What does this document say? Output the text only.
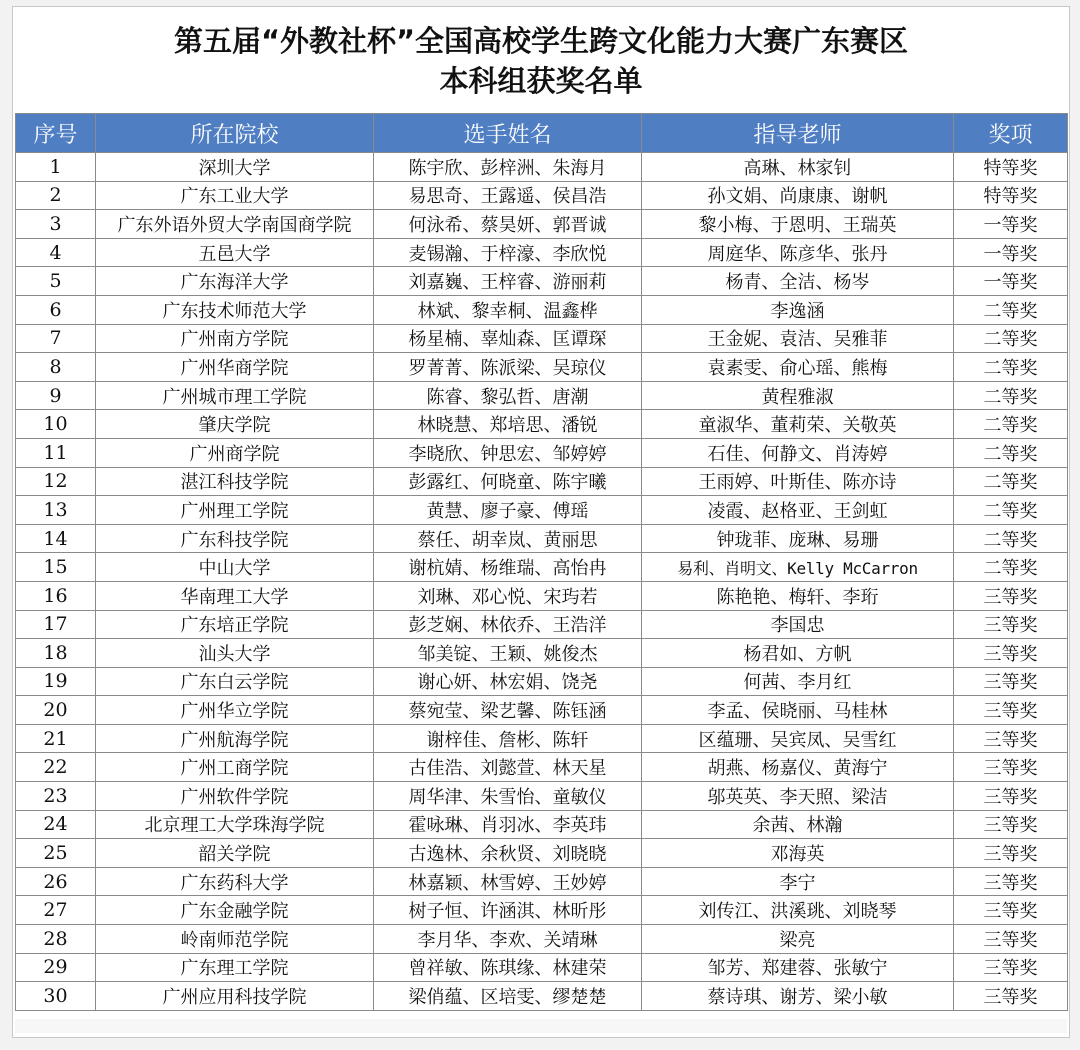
第五届“外教社杯”全国高校学生跨文化能力大赛广东赛区
本科组获奖名单
序号	所在院校	选手姓名	指导老师	奖项
1	深圳大学	陈宇欣、彭梓洲、朱海月	高琳、林家钊	特等奖
2	广东工业大学	易思奇、王露遥、侯昌浩	孙文娟、尚康康、谢帆	特等奖
3	广东外语外贸大学南国商学院	何泳希、蔡昊妍、郭晋诚	黎小梅、于恩明、王瑞英	一等奖
4	五邑大学	麦锡瀚、于梓濠、李欣悦	周庭华、陈彦华、张丹	一等奖
5	广东海洋大学	刘嘉巍、王梓睿、游丽莉	杨青、全洁、杨岑	一等奖
6	广东技术师范大学	林斌、黎幸桐、温鑫桦	李逸涵	二等奖
7	广州南方学院	杨星楠、辜灿森、匡谭琛	王金妮、袁洁、吴雅菲	二等奖
8	广州华商学院	罗菁菁、陈派梁、吴琼仪	袁素雯、俞心瑶、熊梅	二等奖
9	广州城市理工学院	陈睿、黎弘哲、唐潮	黄程雅淑	二等奖
10	肇庆学院	林晓慧、郑培思、潘锐	童淑华、董莉荣、关敬英	二等奖
11	广州商学院	李晓欣、钟思宏、邹婷婷	石佳、何静文、肖涛婷	二等奖
12	湛江科技学院	彭露红、何晓童、陈宇曦	王雨婷、叶斯佳、陈亦诗	二等奖
13	广州理工学院	黄慧、廖子豪、傅瑶	凌霞、赵格亚、王剑虹	二等奖
14	广东科技学院	蔡任、胡幸岚、黄丽思	钟珑菲、庞琳、易珊	二等奖
15	中山大学	谢杭婧、杨维瑞、高怡冉	易利、肖明文、Kelly McCarron	二等奖
16	华南理工大学	刘琳、邓心悦、宋玙若	陈艳艳、梅轩、李珩	三等奖
17	广东培正学院	彭芝娴、林依乔、王浩洋	李国忠	三等奖
18	汕头大学	邹美锭、王颖、姚俊杰	杨君如、方帆	三等奖
19	广东白云学院	谢心妍、林宏娟、饶尧	何茜、李月红	三等奖
20	广州华立学院	蔡宛莹、梁艺馨、陈钰涵	李孟、侯晓丽、马桂林	三等奖
21	广州航海学院	谢梓佳、詹彬、陈轩	区蕴珊、吴宾凤、吴雪红	三等奖
22	广州工商学院	古佳浩、刘懿萱、林天星	胡燕、杨嘉仪、黄海宁	三等奖
23	广州软件学院	周华津、朱雪怡、童敏仪	邬英英、李天照、梁洁	三等奖
24	北京理工大学珠海学院	霍咏琳、肖羽冰、李英玮	余茜、林瀚	三等奖
25	韶关学院	古逸林、余秋贤、刘晓晓	邓海英	三等奖
26	广东药科大学	林嘉颖、林雪婷、王妙婷	李宁	三等奖
27	广东金融学院	树子恒、许涵淇、林昕彤	刘传江、洪溪珧、刘晓琴	三等奖
28	岭南师范学院	李月华、李欢、关靖琳	梁亮	三等奖
29	广东理工学院	曾祥敏、陈琪缘、林建荣	邹芳、郑建蓉、张敏宁	三等奖
30	广州应用科技学院	梁俏蕴、区培雯、缪楚楚	蔡诗琪、谢芳、梁小敏	三等奖
